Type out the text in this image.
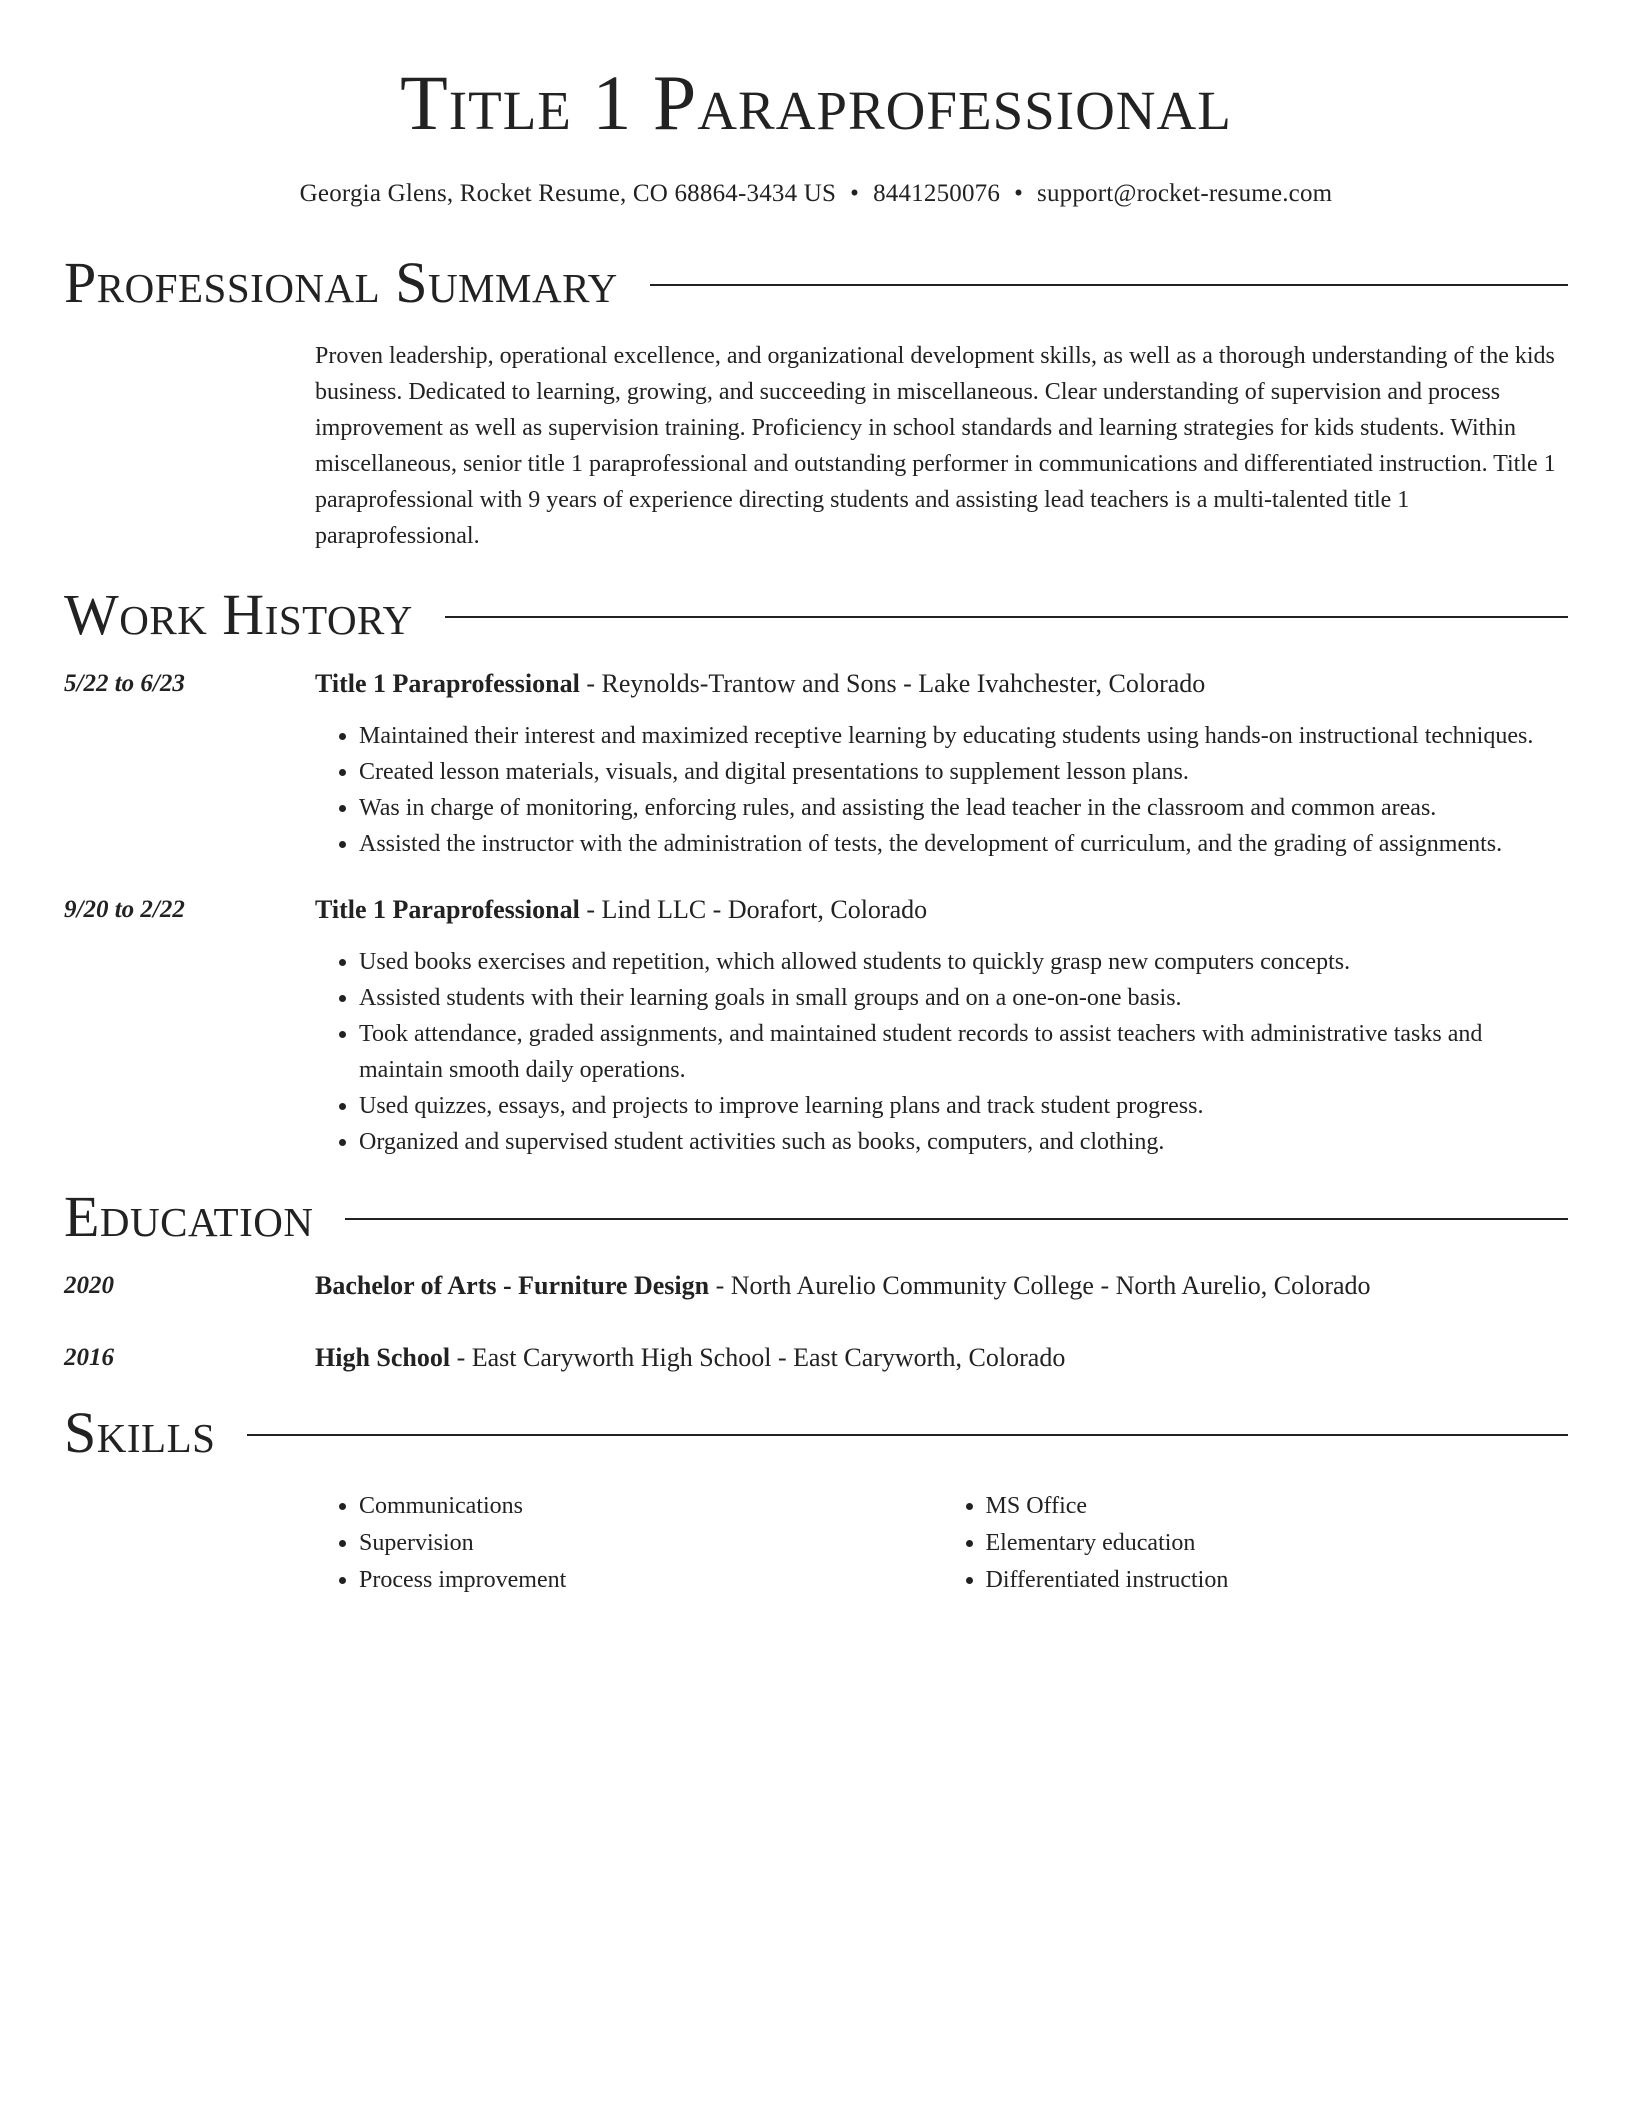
Title 1 Paraprofessional
Georgia Glens, Rocket Resume, CO 68864-3434 US • 8441250076 • support@rocket-resume.com
Professional Summary
Proven leadership, operational excellence, and organizational development skills, as well as a thorough understanding of the kids business. Dedicated to learning, growing, and succeeding in miscellaneous. Clear understanding of supervision and process improvement as well as supervision training. Proficiency in school standards and learning strategies for kids students. Within miscellaneous, senior title 1 paraprofessional and outstanding performer in communications and differentiated instruction. Title 1 paraprofessional with 9 years of experience directing students and assisting lead teachers is a multi-talented title 1 paraprofessional.
Work History
5/22 to 6/23	Title 1 Paraprofessional - Reynolds-Trantow and Sons - Lake Ivahchester, Colorado
• Maintained their interest and maximized receptive learning by educating students using hands-on instructional techniques.
• Created lesson materials, visuals, and digital presentations to supplement lesson plans.
• Was in charge of monitoring, enforcing rules, and assisting the lead teacher in the classroom and common areas.
• Assisted the instructor with the administration of tests, the development of curriculum, and the grading of assignments.
9/20 to 2/22	Title 1 Paraprofessional - Lind LLC - Dorafort, Colorado
• Used books exercises and repetition, which allowed students to quickly grasp new computers concepts.
• Assisted students with their learning goals in small groups and on a one-on-one basis.
• Took attendance, graded assignments, and maintained student records to assist teachers with administrative tasks and maintain smooth daily operations.
• Used quizzes, essays, and projects to improve learning plans and track student progress.
• Organized and supervised student activities such as books, computers, and clothing.
Education
2020	Bachelor of Arts - Furniture Design - North Aurelio Community College - North Aurelio, Colorado
2016	High School - East Caryworth High School - East Caryworth, Colorado
Skills
• Communications
• Supervision
• Process improvement
• MS Office
• Elementary education
• Differentiated instruction
